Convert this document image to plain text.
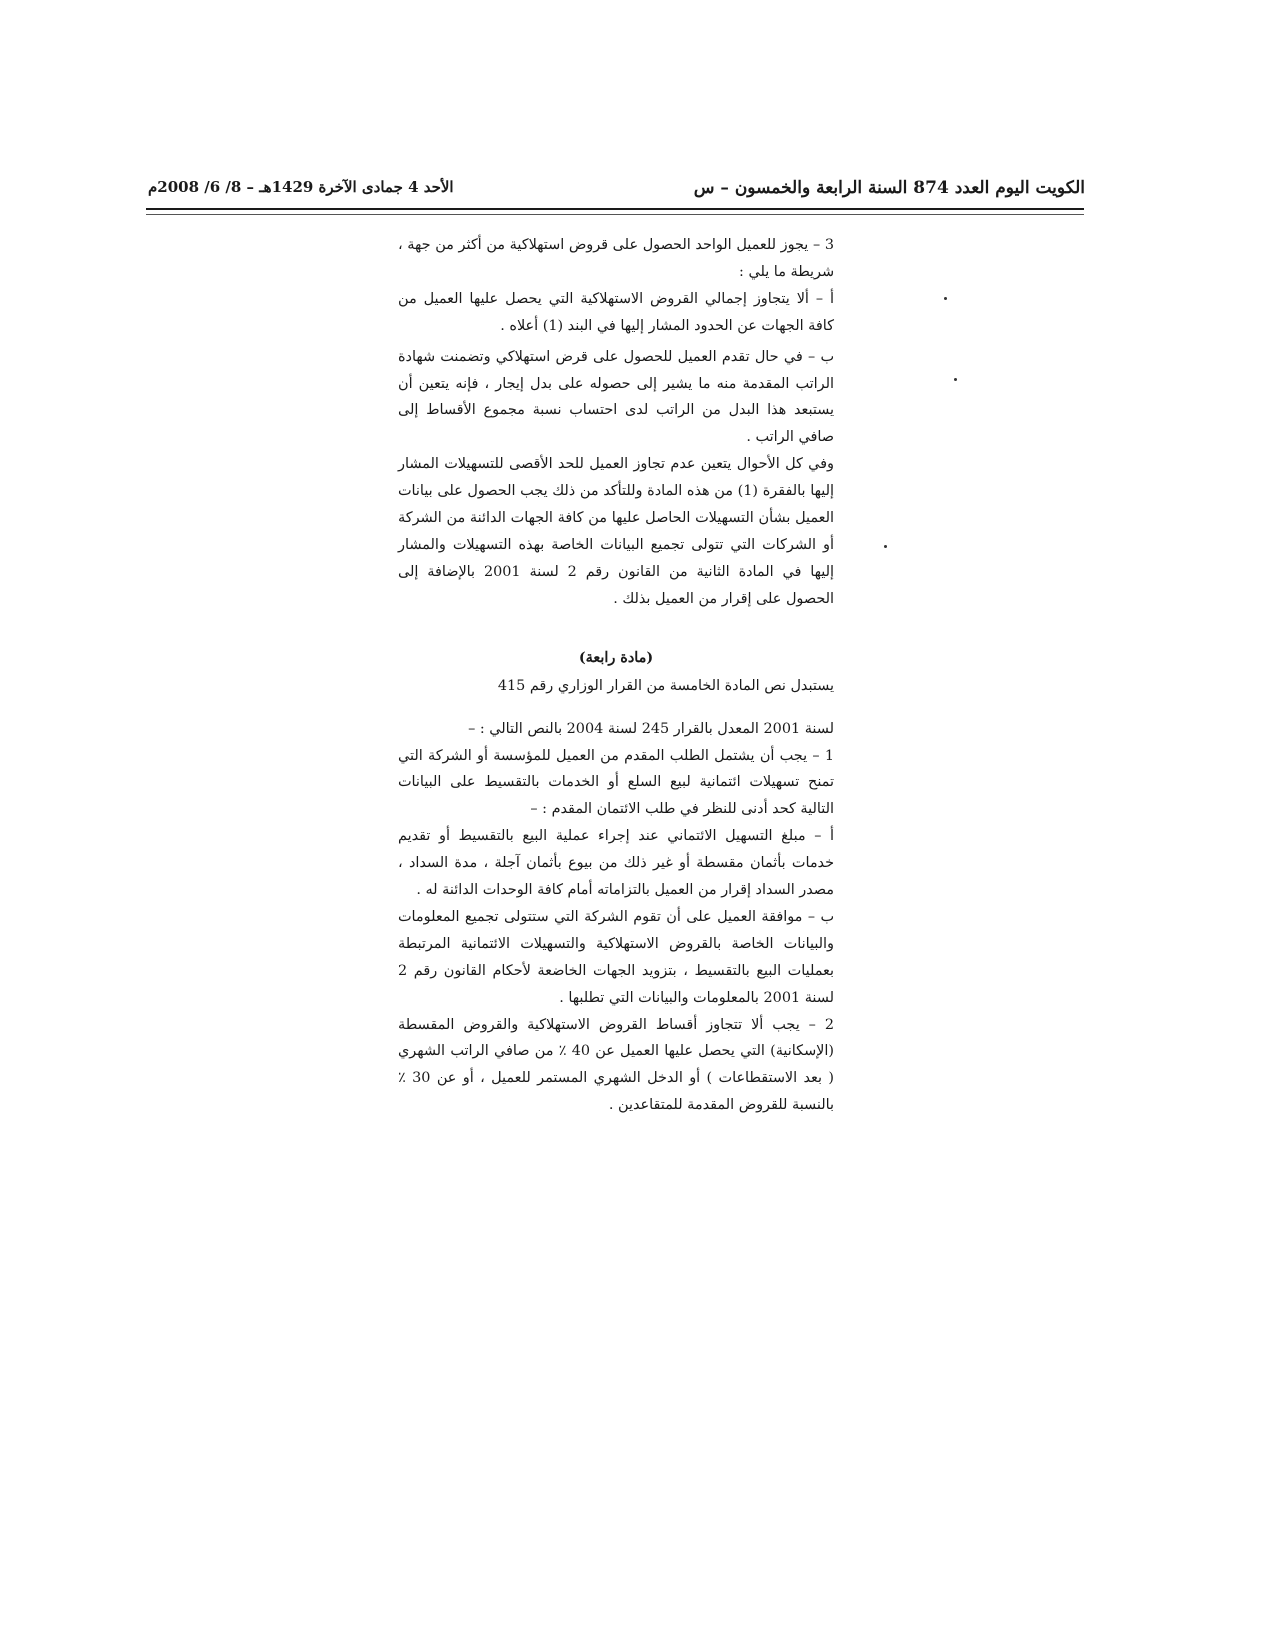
الكويت اليوم العدد 874 السنة الرابعة والخمسون – س
الأحد 4 جمادى الآخرة 1429هـ – 8/ 6/ 2008م

3 – يجوز للعميل الواحد الحصول على قروض استهلاكية من أكثر من جهة ، شريطة ما يلي :

أ – ألا يتجاوز إجمالي القروض الاستهلاكية التي يحصل عليها العميل من كافة الجهات عن الحدود المشار إليها في البند (1) أعلاه .

ب – في حال تقدم العميل للحصول على قرض استهلاكي وتضمنت شهادة الراتب المقدمة منه ما يشير إلى حصوله على بدل إيجار ، فإنه يتعين أن يستبعد هذا البدل من الراتب لدى احتساب نسبة مجموع الأقساط إلى صافي الراتب .

وفي كل الأحوال يتعين عدم تجاوز العميل للحد الأقصى للتسهيلات المشار إليها بالفقرة (1) من هذه المادة وللتأكد من ذلك يجب الحصول على بيانات العميل بشأن التسهيلات الحاصل عليها من كافة الجهات الدائنة من الشركة أو الشركات التي تتولى تجميع البيانات الخاصة بهذه التسهيلات والمشار إليها في المادة الثانية من القانون رقم 2 لسنة 2001 بالإضافة إلى الحصول على إقرار من العميل بذلك .

(مادة رابعة)

يستبدل نص المادة الخامسة من القرار الوزاري رقم 415

لسنة 2001 المعدل بالقرار 245 لسنة 2004 بالنص التالي : –

1 – يجب أن يشتمل الطلب المقدم من العميل للمؤسسة أو الشركة التي تمنح تسهيلات ائتمانية لبيع السلع أو الخدمات بالتقسيط على البيانات التالية كحد أدنى للنظر في طلب الائتمان المقدم : –

أ – مبلغ التسهيل الائتماني عند إجراء عملية البيع بالتقسيط أو تقديم خدمات بأثمان مقسطة أو غير ذلك من بيوع بأثمان آجلة ، مدة السداد ، مصدر السداد إقرار من العميل بالتزاماته أمام كافة الوحدات الدائنة له .

ب – موافقة العميل على أن تقوم الشركة التي ستتولى تجميع المعلومات والبيانات الخاصة بالقروض الاستهلاكية والتسهيلات الائتمانية المرتبطة بعمليات البيع بالتقسيط ، بتزويد الجهات الخاضعة لأحكام القانون رقم 2 لسنة 2001 بالمعلومات والبيانات التي تطلبها .

2 – يجب ألا تتجاوز أقساط القروض الاستهلاكية والقروض المقسطة (الإسكانية) التي يحصل عليها العميل عن 40 ٪ من صافي الراتب الشهري ( بعد الاستقطاعات ) أو الدخل الشهري المستمر للعميل ، أو عن 30 ٪ بالنسبة للقروض المقدمة للمتقاعدين .
